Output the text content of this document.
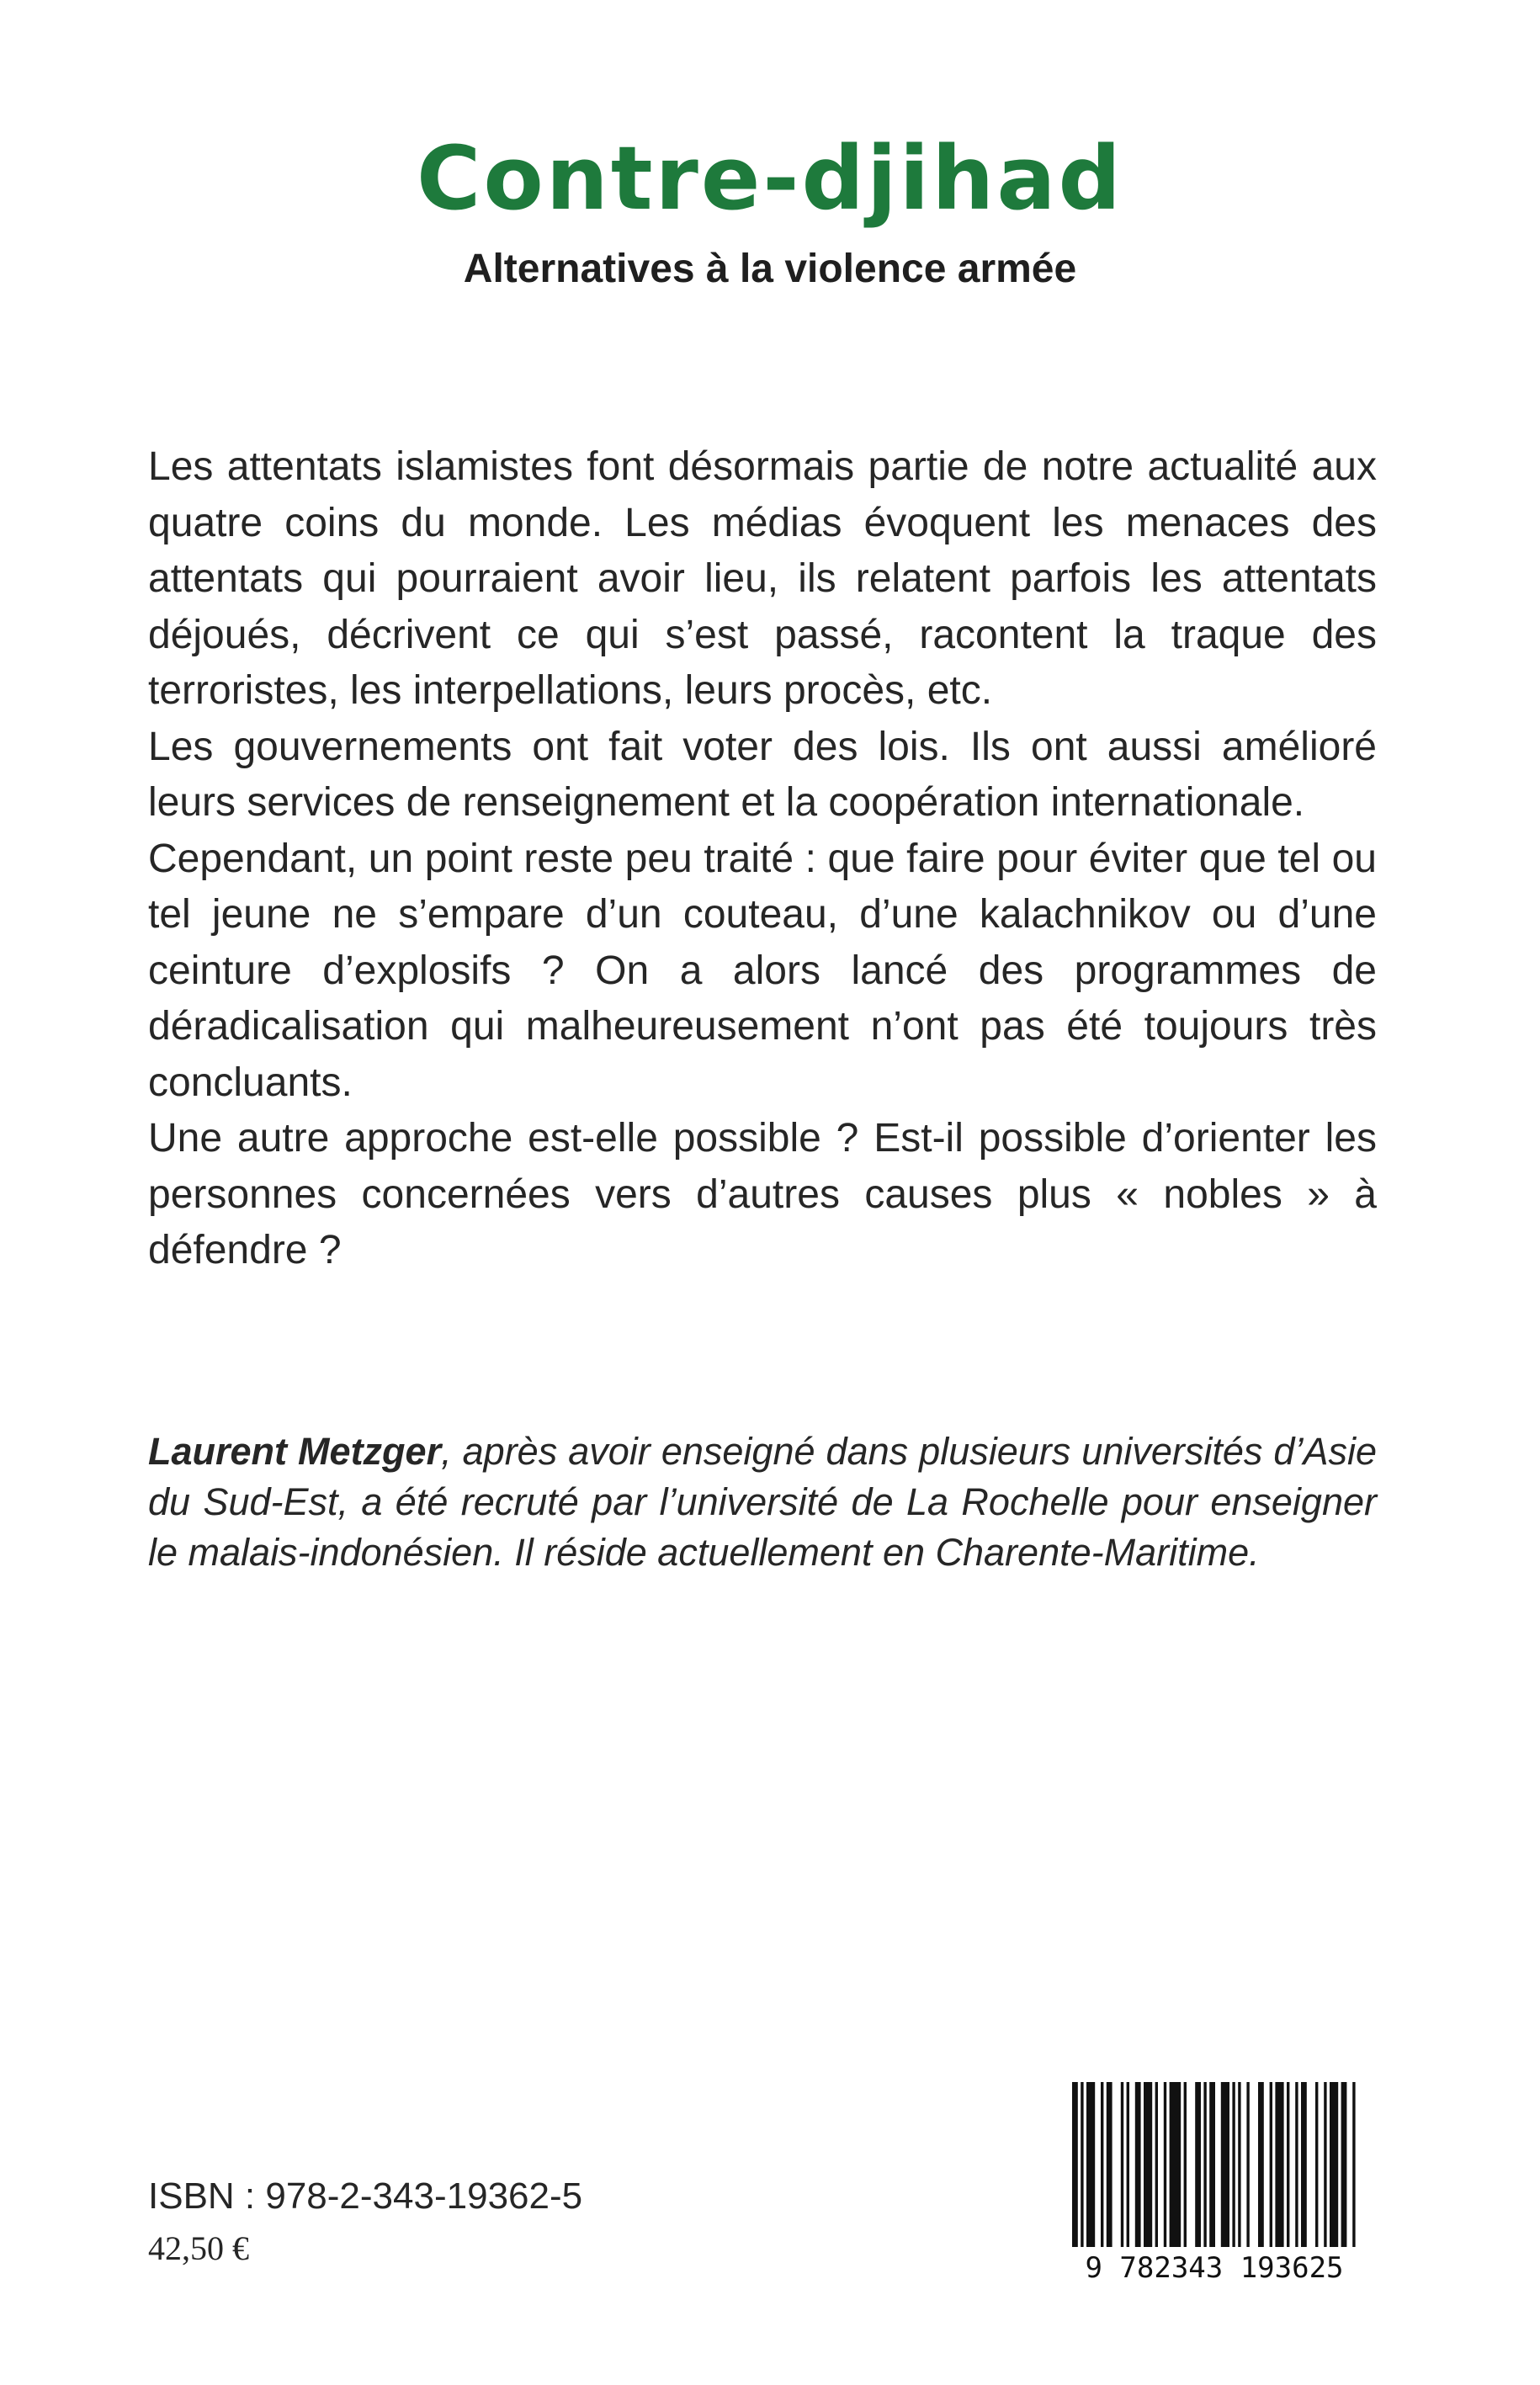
Contre-djihad
Alternatives à la violence armée

Les attentats islamistes font désormais partie de notre actualité aux quatre coins du monde. Les médias évoquent les menaces des attentats qui pourraient avoir lieu, ils relatent parfois les attentats déjoués, décrivent ce qui s’est passé, racontent la traque des terroristes, les interpellations, leurs procès, etc.

Les gouvernements ont fait voter des lois. Ils ont aussi amélioré leurs services de renseignement et la coopération internationale.

Cependant, un point reste peu traité : que faire pour éviter que tel ou tel jeune ne s’empare d’un couteau, d’une kalachnikov ou d’une ceinture d’explosifs ? On a alors lancé des programmes de déradicalisation qui malheureusement n’ont pas été toujours très concluants.

Une autre approche est-elle possible ? Est-il possible d’orienter les personnes concernées vers d’autres causes plus « nobles » à défendre ?

Laurent Metzger, après avoir enseigné dans plusieurs universités d’Asie du Sud-Est, a été recruté par l’université de La Rochelle pour enseigner le malais-indonésien. Il réside actuellement en Charente-Maritime.

ISBN : 978-2-343-19362-5

42,50 €

9 782343 193625
